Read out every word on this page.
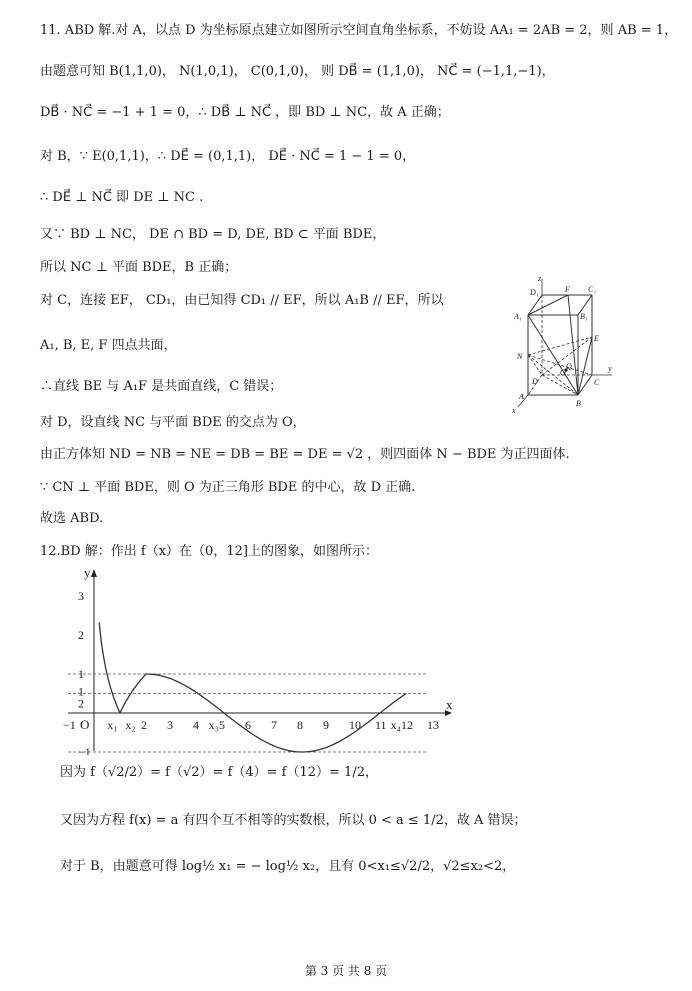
11. ABD 解.对 A，以点 D 为坐标原点建立如图所示空间直角坐标系，不妨设 AA₁ = 2AB = 2，则 AB = 1，
由题意可知 B(1,1,0)， N(1,0,1)， C(0,1,0)， 则 DB⃗ = (1,1,0)， NC⃗ = (−1,1,−1)，
DB⃗ · NC⃗ = −1 + 1 = 0，∴ DB⃗ ⊥ NC⃗ ，即 BD ⊥ NC，故 A 正确；
对 B，∵ E(0,1,1)，∴ DE⃗ = (0,1,1)， DE⃗ · NC⃗ = 1 − 1 = 0，
∴ DE⃗ ⊥ NC⃗ 即 DE ⊥ NC .
又∵ BD ⊥ NC， DE ∩ BD = D, DE, BD ⊂ 平面 BDE，
所以 NC ⊥ 平面 BDE，B 正确；
对 C，连接 EF， CD₁，由已知得 CD₁ // EF，所以 A₁B // EF，所以
A₁, B, E, F 四点共面，
∴直线 BE 与 A₁F 是共面直线，C 错误；
对 D，设直线 NC 与平面 BDE 的交点为 O，
由正方体知 ND = NB = NE = DB = BE = DE = √2 ，则四面体 N − BDE 为正四面体.
∵ CN ⊥ 平面 BDE，则 O 为正三角形 BDE 的中心，故 D 正确.
故选 ABD.
12.BD 解：作出 f（x）在（0，12]上的图象，如图所示：
因为 f（√2/2）= f（√2）= f（4）= f（12）= 1/2，
又因为方程 f(x) = a 有四个互不相等的实数根，所以 0 < a ≤ 1/2，故 A 错误；
对于 B，由题意可得 log½ x₁ = − log½ x₂，且有 0<x₁≤√2/2，√2≤x₂<2，
z
D₁	F C₁
A₁	B₁
N
E
O
Q
D	C
y
A
B
x
3
2
1
1
2
−1
−1	x₁ x₂ 2 3 4 x₃ 5 6 7 8 9 10 11 x₄ 12 13
y
x
O
第 3 页 共 8 页
